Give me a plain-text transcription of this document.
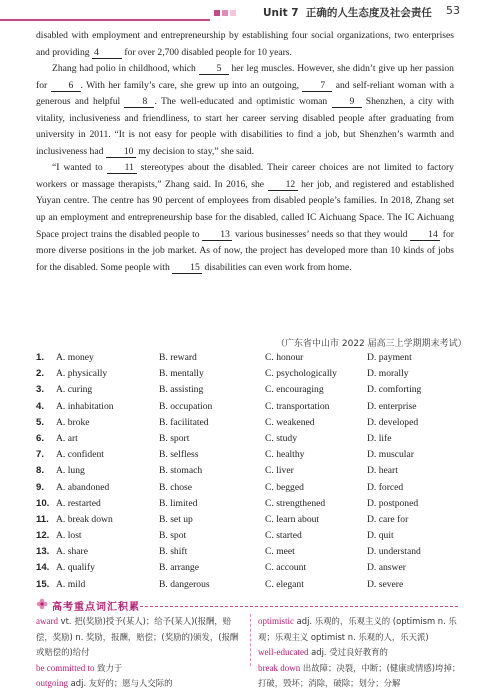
Unit 7 正确的人生态度及社会责任 53

disabled with employment and entrepreneurship by establishing four social organizations, two enterprises and providing 4 for over 2,700 disabled people for 10 years.

Zhang had polio in childhood, which 5 her leg muscles. However, she didn’t give up her passion for 6 . With her family’s care, she grew up into an outgoing, 7 and self-reliant woman with a generous and helpful 8 . The well-educated and optimistic woman 9 Shenzhen, a city with vitality, inclusiveness and friendliness, to start her career serving disabled people after graduating from university in 2011. “It is not easy for people with disabilities to find a job, but Shenzhen’s warmth and inclusiveness had 10 my decision to stay,” she said.

“I wanted to 11 stereotypes about the disabled. Their career choices are not limited to factory workers or massage therapists,” Zhang said. In 2016, she 12 her job, and registered and established Yuyan centre. The centre has 90 percent of employees from disabled people’s families. In 2018, Zhang set up an employment and entrepreneurship base for the disabled, called IC Aichuang Space. The IC Aichuang Space project trains the disabled people to 13 various businesses’ needs so that they would 14 for more diverse positions in the job market. As of now, the project has developed more than 10 kinds of jobs for the disabled. Some people with 15 disabilities can even work from home.

（广东省中山市 2022 届高三上学期期末考试）
1. A. money	B. reward	C. honour	D. payment
2. A. physically	B. mentally	C. psychologically	D. morally
3. A. curing	B. assisting	C. encouraging	D. comforting
4. A. inhabitation	B. occupation	C. transportation	D. enterprise
5. A. broke	B. facilitated	C. weakened	D. developed
6. A. art	B. sport	C. study	D. life
7. A. confident	B. selfless	C. healthy	D. muscular
8. A. lung	B. stomach	C. liver	D. heart
9. A. abandoned	B. chose	C. begged	D. forced
10. A. restarted	B. limited	C. strengthened	D. postponed
11. A. break down	B. set up	C. learn about	D. care for
12. A. lost	B. spot	C. started	D. quit
13. A. share	B. shift	C. meet	D. understand
14. A. qualify	B. arrange	C. account	D. answer
15. A. mild	B. dangerous	C. elegant	D. severe
高考重点词汇积累
award vt. 把(奖励)授予(某人)；给予(某人)(报酬，赔偿，奖励) n. 奖励，报酬，赔偿；(奖励的)颁发，(报酬或赔偿的)给付
be committed to 致力于
outgoing adj. 友好的；愿与人交际的
optimistic adj. 乐观的，乐观主义的 (optimism n. 乐观；乐观主义 optimist n. 乐观的人，乐天派)
well-educated adj. 受过良好教育的
break down 出故障；决裂，中断；(健康或情感)垮掉；打破，毁坏；消除，破除；划分；分解
